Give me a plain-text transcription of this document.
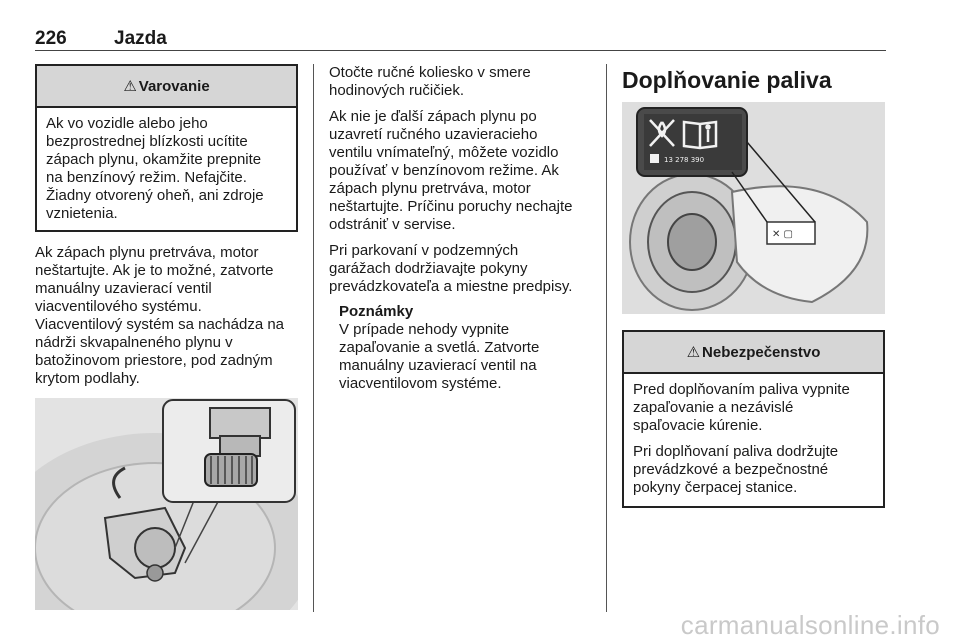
226 Jazda
⚠ Varovanie

Ak vo vozidle alebo jeho

bezprostrednej blízkosti ucítite

zápach plynu, okamžite prepnite

na benzínový režim. Nefajčite.

Žiadny otvorený oheň, ani zdroje

vznietenia.

Ak zápach plynu pretrváva, motor

neštartujte. Ak je to možné, zatvorte

manuálny uzavierací ventil

viacventilového systému.

Viacventilový systém sa nachádza na

nádrži skvapalneného plynu v

batožinovom priestore, pod zadným

krytom podlahy.

Otočte ručné koliesko v smere

hodinových ručičiek.

Ak nie je ďalší zápach plynu po

uzavretí ručného uzavieracieho

ventilu vnímateľný, môžete vozidlo

používať v benzínovom režime. Ak

zápach plynu pretrváva, motor

neštartujte. Príčinu poruchy nechajte

odstrániť v servise.

Pri parkovaní v podzemných

garážach dodržiavajte pokyny

prevádzkovateľa a miestne predpisy.

Poznámky

V prípade nehody vypnite

zapaľovanie a svetlá. Zatvorte

manuálny uzavierací ventil na

viacventilovom systéme.

Doplňovanie paliva
✕ ▢
13 278 390
⚠ Nebezpečenstvo

Pred doplňovaním paliva vypnite

zapaľovanie a nezávislé

spaľovacie kúrenie.

Pri doplňovaní paliva dodržujte

prevádzkové a bezpečnostné

pokyny čerpacej stanice.

carmanualsonline.info
